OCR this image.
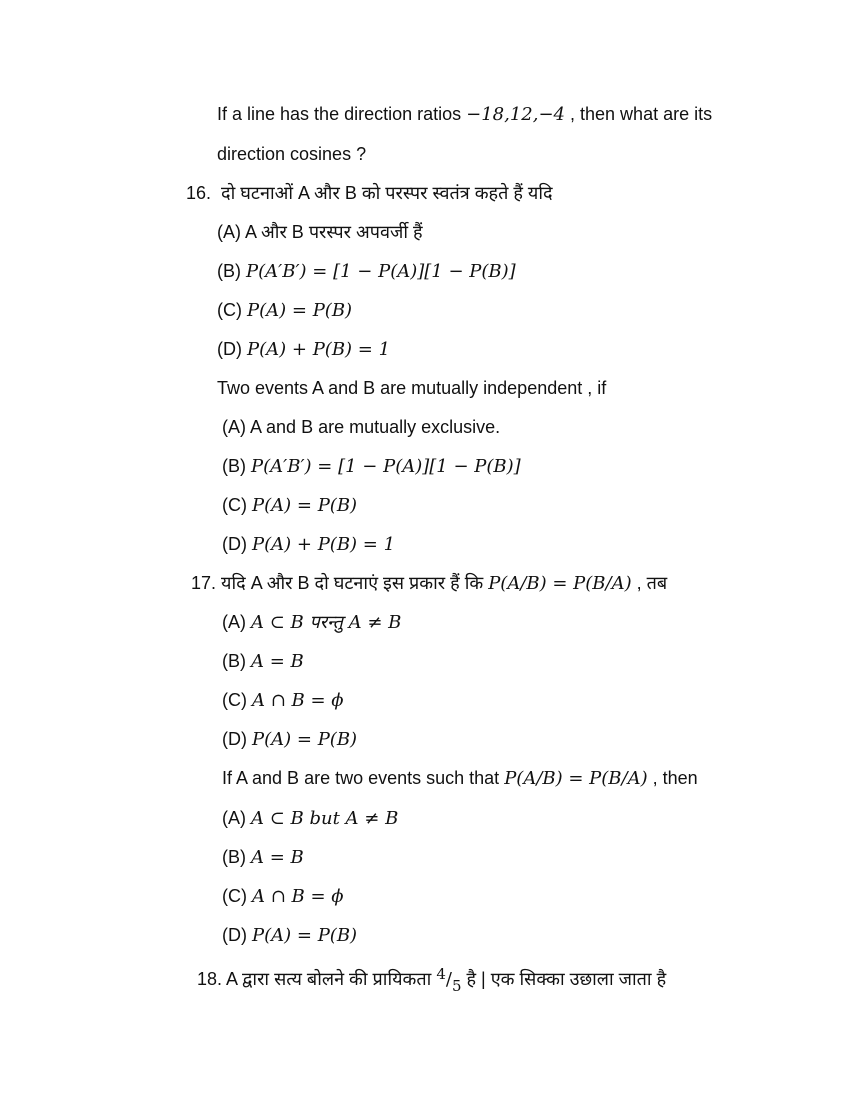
If a line has the direction ratios −18,12,−4 , then what are its
direction cosines ?
16. दो घटनाओं A और B को परस्पर स्वतंत्र कहते हैं यदि
(A) A और B परस्पर अपवर्जी हैं
(B) P(A′B′) = [1 − P(A)][1 − P(B)]
(C) P(A) = P(B)
(D) P(A) + P(B) = 1
Two events A and B are mutually independent , if
(A) A and B are mutually exclusive.
(B) P(A′B′) = [1 − P(A)][1 − P(B)]
(C) P(A) = P(B)
(D) P(A) + P(B) = 1
17. यदि A और B दो घटनाएं इस प्रकार हैं कि P(A/B) = P(B/A) , तब
(A) A ⊂ B परन्तु A ≠ B
(B) A = B
(C) A ∩ B = ϕ
(D) P(A) = P(B)
If A and B are two events such that P(A/B) = P(B/A) , then
(A) A ⊂ B but A ≠ B
(B) A = B
(C) A ∩ B = ϕ
(D) P(A) = P(B)
18. A द्वारा सत्य बोलने की प्रायिकता $^4/_5$ है | एक सिक्का उछाला जाता है
